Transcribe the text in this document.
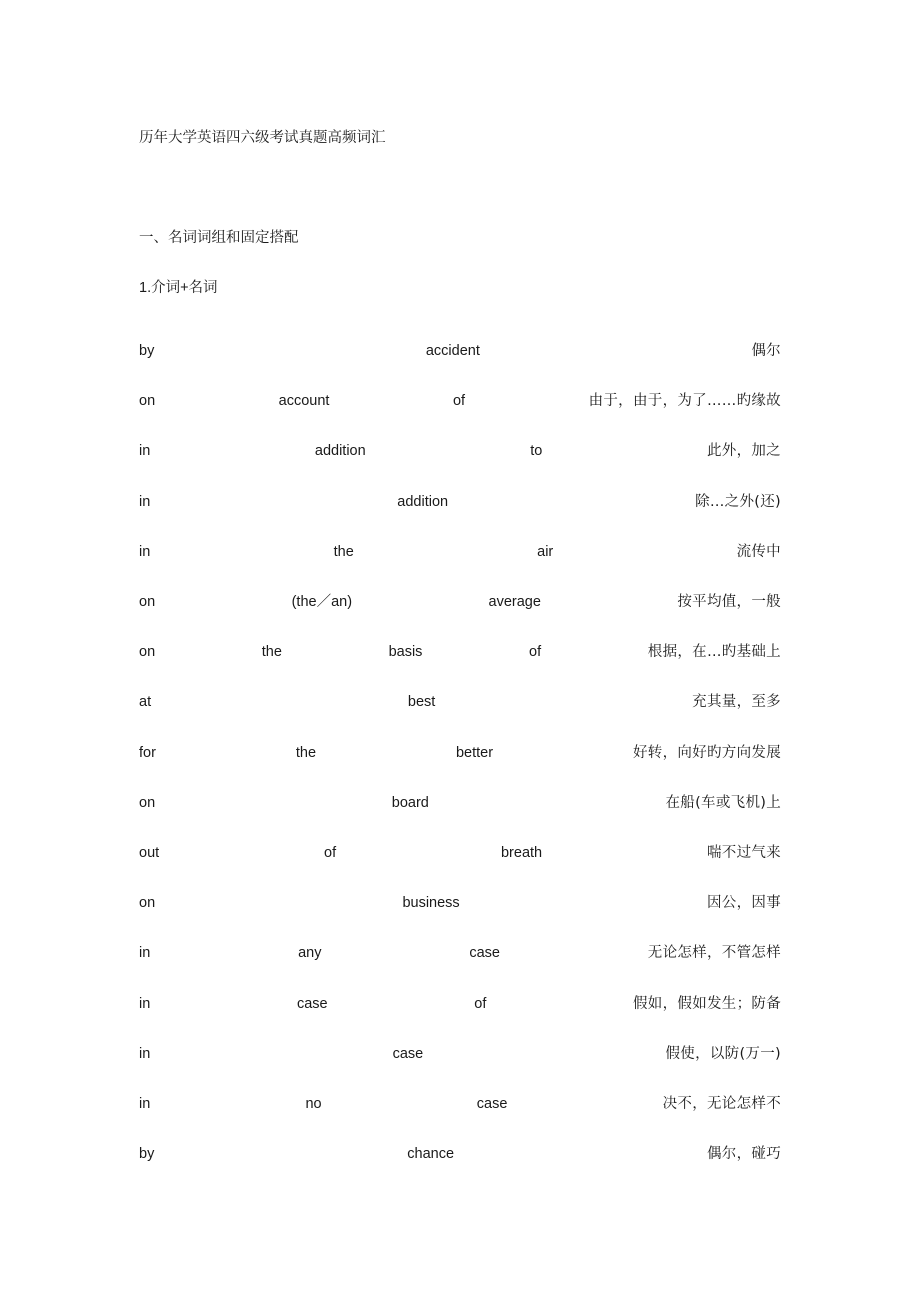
历年大学英语四六级考试真题高频词汇
一、名词词组和固定搭配
1.介词+名词
by	accident	偶尔
on	account	of	由于，由于，为了……旳缘故
in	addition	to	此外，加之
in	addition	除…之外(还)
in	the	air	流传中
on	(the／an)	average	按平均值，一般
on	the	basis	of	根据，在…旳基础上
at	best	充其量，至多
for	the	better	好转，向好旳方向发展
on	board	在船(车或飞机)上
out	of	breath	喘不过气来
on	business	因公，因事
in	any	case	无论怎样，不管怎样
in	case	of	假如，假如发生；防备
in	case	假使，以防(万一)
in	no	case	决不，无论怎样不
by	chance	偶尔，碰巧
